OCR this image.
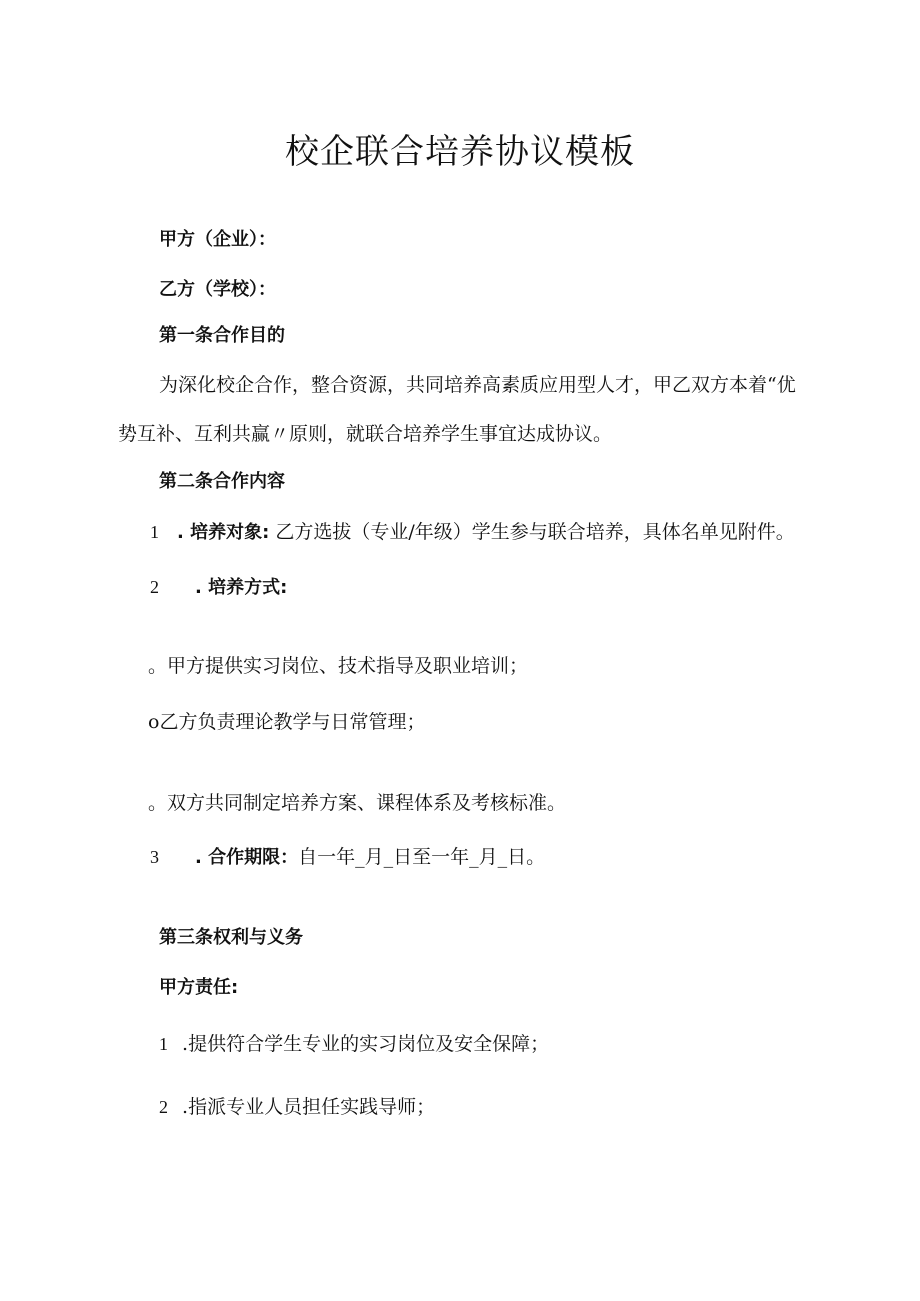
校企联合培养协议模板
甲方（企业）：
乙方（学校）：
第一条合作目的
为深化校企合作，整合资源，共同培养高素质应用型人才，甲乙双方本着“优
势互补、互利共赢〃原则，就联合培养学生事宜达成协议。
第二条合作内容
1 . 培养对象: 乙方选拔（专业/年级）学生参与联合培养，具体名单见附件。
2 . 培养方式:
。甲方提供实习岗位、技术指导及职业培训；
o乙方负责理论教学与日常管理；
。双方共同制定培养方案、课程体系及考核标准。
3 . 合作期限：自一年_月_日至一年_月_日。
第三条权利与义务
甲方责任:
1 .提供符合学生专业的实习岗位及安全保障；
2 .指派专业人员担任实践导师；
